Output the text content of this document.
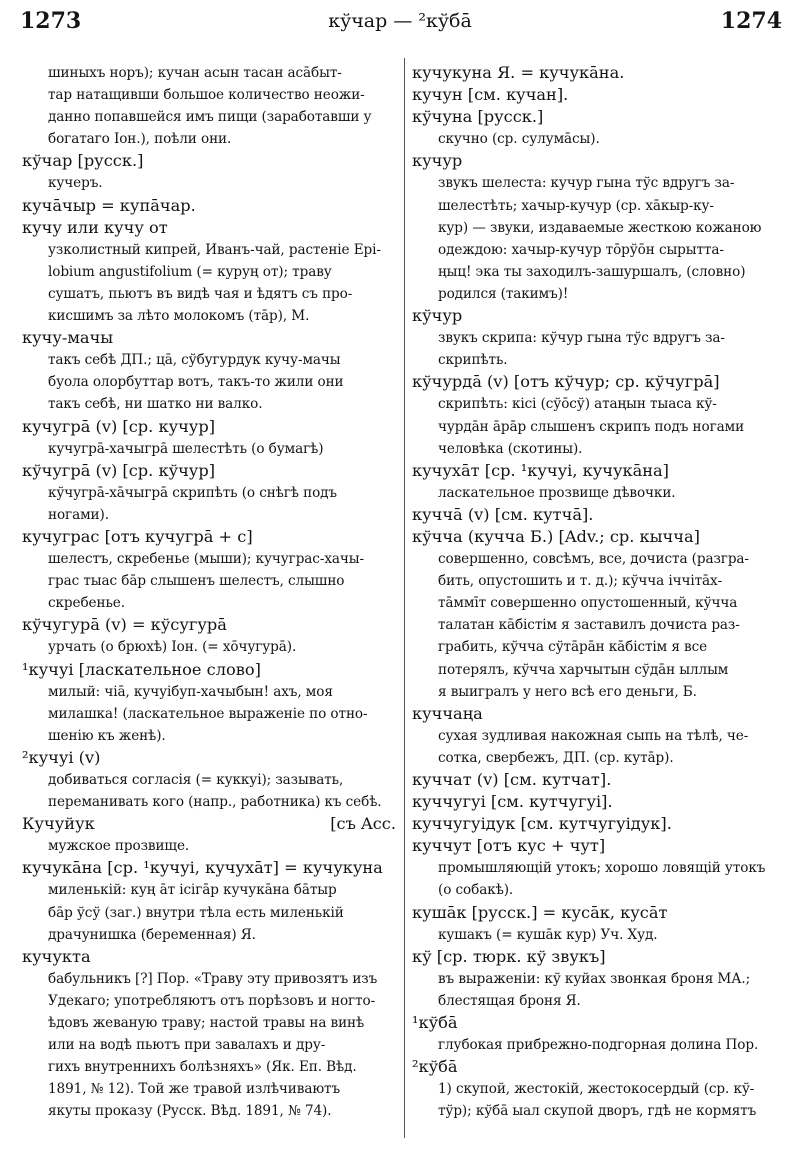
1273	кўчар — ²кўбā	1274
шиныхъ норъ); кучан асын тасан асāбыт-
тар натащивши большое количество неожи-
данно попавшейся имъ пищи (заработавши у
богатаго Іон.), поѣли они.
кўчар [русск.]
кучеръ.
кучāчыр = купāчар.
кучу или кучу от
узколистный кипрей, Иванъ-чай, растеніе Epi-
lobium angustifolium (= куруң от); траву
сушатъ, пьютъ въ видѣ чая и ѣдятъ съ про-
кисшимъ за лѣто молокомъ (тāр), М.
кучу-мачы
такъ себѣ ДП.; цā, сўбугурдук кучу-мачы
буола олорбуттар вотъ, такъ-то жили они
такъ себѣ, ни шатко ни валко.
кучугрā (v) [ср. кучур]
кучугрā-хачыгрā шелестѣть (о бумагѣ)
кўчугрā (v) [ср. кўчур]
кўчугрā-хāчыгрā скрипѣть (о снѣгѣ подъ
ногами).
кучуграс [отъ кучугрā + с]
шелестъ, скребенье (мыши); кучуграс-хачы-
грас тыас бāр слышенъ шелестъ, слышно
скребенье.
кўчугурā (v) = кўсугурā
урчать (о брюхѣ) Іон. (= хōчугурā).
¹кучуі [ласкательное слово]
милый: чіā, кучуібуп-хачыбын! ахъ, моя
милашка! (ласкательное выраженіе по отно-
шенію къ женѣ).
²кучуі (v)
добиваться согласія (= куккуі); зазывать,
переманивать кого (напр., работника) къ себѣ.
Кучуйук	[съ Acc.
мужское прозвище.
кучукāна [ср. ¹кучуі, кучухāт] = кучукуна
миленькій: куң āт ісігāр кучукāна бāтыр
бāр ўсў (заг.) внутри тѣла есть миленькій
драчунишка (беременная) Я.
кучукта
бабульникъ [?] Пор. «Траву эту привозятъ изъ
Удекаго; употребляютъ отъ порѣзовъ и ногто-
ѣдовъ жеваную траву; настой травы на винѣ
или на водѣ пьютъ при завалахъ и дру-
гихъ внутреннихъ болѣзняхъ» (Як. Еп. Вѣд.
1891, № 12). Той же травой излѣчиваютъ
якуты проказу (Русск. Вѣд. 1891, № 74).
кучукуна Я. = кучукāна.
кучун [см. кучан].
кўчуна [русск.]
скучно (ср. сулумāсы).
кучур
звукъ шелеста: кучур гына тўс вдругъ за-
шелестѣть; хачыр-кучур (ср. хāкыр-ку-
кур) — звуки, издаваемые жесткою кожаною
одеждою: хачыр-кучур тōрўōн сырытта-
ңыц! эка ты заходилъ-зашуршалъ, (словно)
родился (такимъ)!
кўчур
звукъ скрипа: кўчур гына тўс вдругъ за-
скрипѣть.
кўчурдā (v) [отъ кўчур; ср. кўчугрā]
скрипѣть: кісі (сўōсў) атаңын тыаса кў-
чурдāн āрāр слышенъ скрипъ подъ ногами
человѣка (скотины).
кучухāт [ср. ¹кучуі, кучукāна]
ласкательное прозвище дѣвочки.
куччā (v) [см. кутчā].
кўчча (кучча Б.) [Adv.; ср. кычча]
совершенно, совсѣмъ, все, дочиста (разгра-
бить, опустошить и т. д.); кўчча іччітāх-
тāммīт совершенно опустошенный, кўчча
талатан кāбістім я заставилъ дочиста раз-
грабить, кўчча сўтāрāн кāбістім я все
потерялъ, кўчча харчытын сўдāн ыллым
я выигралъ у него всѣ его деньги, Б.
куччаңа
сухая зудливая накожная сыпь на тѣлѣ, че-
сотка, свербежъ, ДП. (ср. кутāр).
куччат (v) [см. кутчат].
куччугуі [см. кутчугуі].
куччугуідук [см. кутчугуідук].
куччут [отъ кус + чут]
промышляющій утокъ; хорошо ловящій утокъ
(о собакѣ).
кушāк [русск.] = кусāк, кусāт
кушакъ (= кушāк кур) Уч. Худ.
кў [ср. тюрк. кў звукъ]
въ выраженіи: кў куйах звонкая броня МА.;
блестящая броня Я.
¹кўбā
глубокая прибрежно-подгорная долина Пор.
²кўбā
1) скупой, жестокій, жестокосердый (ср. кў-
тўр); кўбā ыал скупой дворъ, гдѣ не кормятъ
